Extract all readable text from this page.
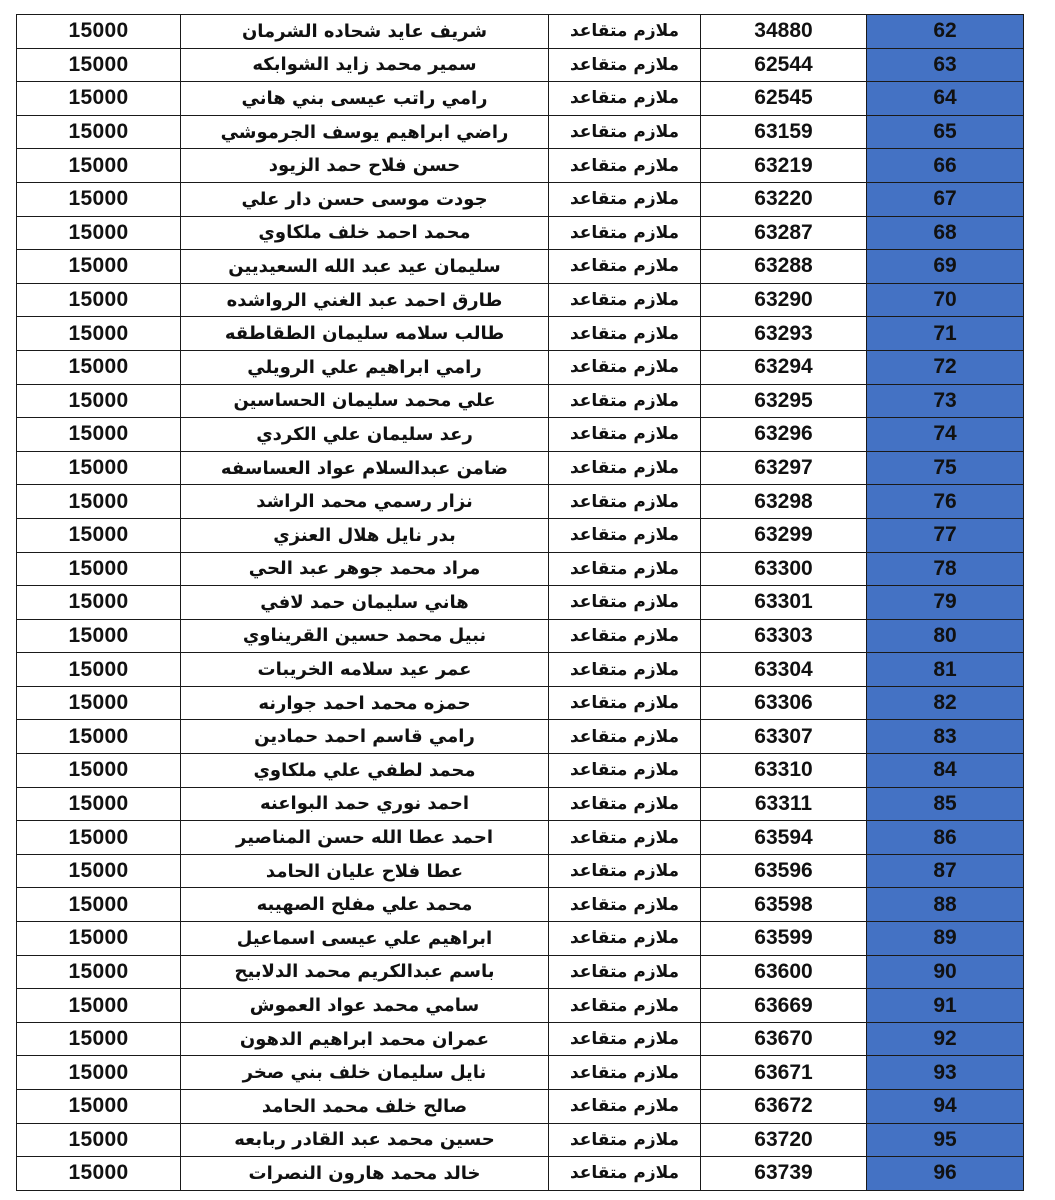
15000	شريف عايد شحاده الشرمان	ملازم متقاعد	34880	62
15000	سمير محمد زايد الشوابكه	ملازم متقاعد	62544	63
15000	رامي راتب عيسى بني هاني	ملازم متقاعد	62545	64
15000	راضي ابراهيم يوسف الجرموشي	ملازم متقاعد	63159	65
15000	حسن فلاح حمد الزيود	ملازم متقاعد	63219	66
15000	جودت موسى حسن دار علي	ملازم متقاعد	63220	67
15000	محمد احمد خلف ملكاوي	ملازم متقاعد	63287	68
15000	سليمان عيد عبد الله السعيديين	ملازم متقاعد	63288	69
15000	طارق احمد عبد الغني الرواشده	ملازم متقاعد	63290	70
15000	طالب سلامه سليمان الطقاطقه	ملازم متقاعد	63293	71
15000	رامي ابراهيم علي الرويلي	ملازم متقاعد	63294	72
15000	علي محمد سليمان الحساسين	ملازم متقاعد	63295	73
15000	رعد سليمان علي الكردي	ملازم متقاعد	63296	74
15000	ضامن عبدالسلام عواد العساسفه	ملازم متقاعد	63297	75
15000	نزار رسمي محمد الراشد	ملازم متقاعد	63298	76
15000	بدر نايل هلال العنزي	ملازم متقاعد	63299	77
15000	مراد محمد جوهر عبد الحي	ملازم متقاعد	63300	78
15000	هاني سليمان حمد لافي	ملازم متقاعد	63301	79
15000	نبيل محمد حسين القريناوي	ملازم متقاعد	63303	80
15000	عمر عيد سلامه الخريبات	ملازم متقاعد	63304	81
15000	حمزه محمد احمد جوارنه	ملازم متقاعد	63306	82
15000	رامي قاسم احمد حمادين	ملازم متقاعد	63307	83
15000	محمد لطفي علي ملكاوي	ملازم متقاعد	63310	84
15000	احمد نوري حمد البواعنه	ملازم متقاعد	63311	85
15000	احمد عطا الله حسن المناصير	ملازم متقاعد	63594	86
15000	عطا فلاح عليان الحامد	ملازم متقاعد	63596	87
15000	محمد علي مفلح الصهيبه	ملازم متقاعد	63598	88
15000	ابراهيم علي عيسى اسماعيل	ملازم متقاعد	63599	89
15000	باسم عبدالكريم محمد الدلابيح	ملازم متقاعد	63600	90
15000	سامي محمد عواد العموش	ملازم متقاعد	63669	91
15000	عمران محمد ابراهيم الدهون	ملازم متقاعد	63670	92
15000	نايل سليمان خلف بني صخر	ملازم متقاعد	63671	93
15000	صالح خلف محمد الحامد	ملازم متقاعد	63672	94
15000	حسين محمد عبد القادر ربابعه	ملازم متقاعد	63720	95
15000	خالد محمد هارون النصرات	ملازم متقاعد	63739	96
